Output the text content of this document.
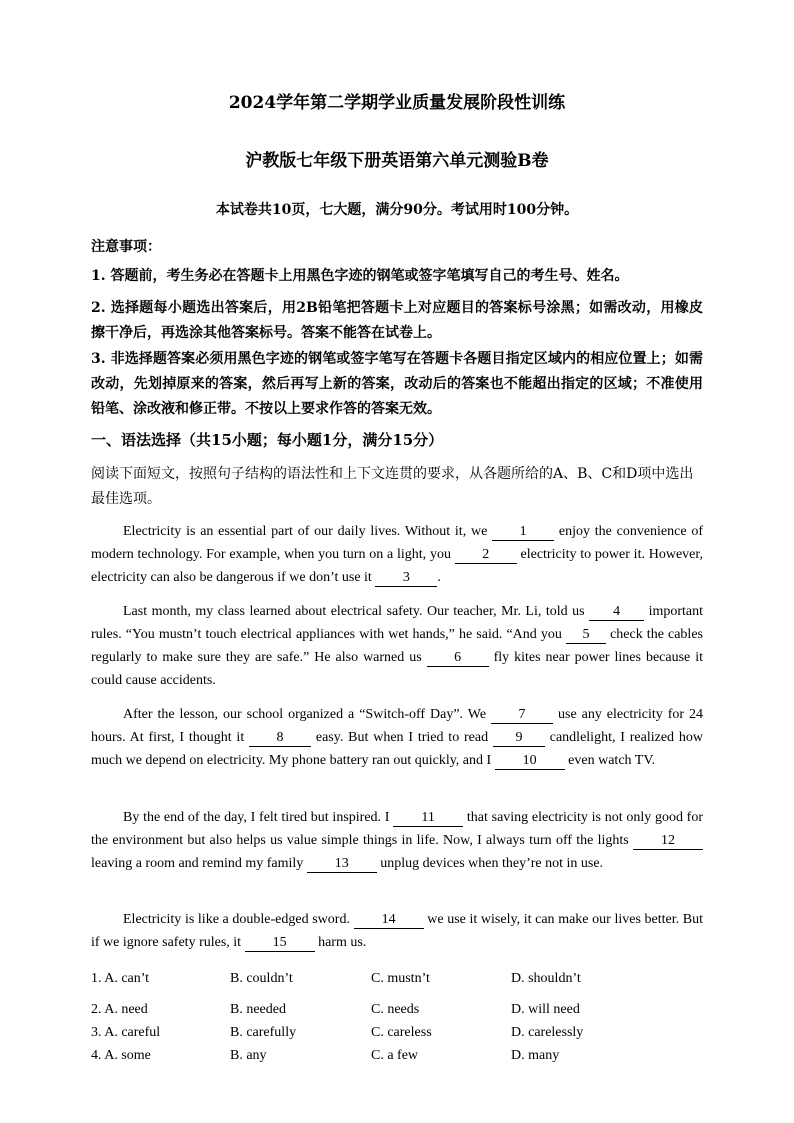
2024学年第二学期学业质量发展阶段性训练
沪教版七年级下册英语第六单元测验B卷
本试卷共10页，七大题，满分90分。考试用时100分钟。
注意事项：
1. 答题前，考生务必在答题卡上用黑色字迹的钢笔或签字笔填写自己的考生号、姓名。
2. 选择题每小题选出答案后，用2B铅笔把答题卡上对应题目的答案标号涂黑；如需改动，用橡皮擦干净后，再选涂其他答案标号。答案不能答在试卷上。
3. 非选择题答案必须用黑色字迹的钢笔或签字笔写在答题卡各题目指定区域内的相应位置上；如需改动，先划掉原来的答案，然后再写上新的答案，改动后的答案也不能超出指定的区域；不准使用铅笔、涂改液和修正带。不按以上要求作答的答案无效。
一、语法选择（共15小题；每小题1分，满分15分）
阅读下面短文，按照句子结构的语法性和上下文连贯的要求，从各题所给的A、B、C和D项中选出最佳选项。
Electricity is an essential part of our daily lives. Without it, we 1 enjoy the convenience of modern technology. For example, when you turn on a light, you 2 electricity to power it. However, electricity can also be dangerous if we don’t use it 3 .
Last month, my class learned about electrical safety. Our teacher, Mr. Li, told us 4 important rules. “You mustn’t touch electrical appliances with wet hands,” he said. “And you 5 check the cables regularly to make sure they are safe.” He also warned us 6 fly kites near power lines because it could cause accidents.
After the lesson, our school organized a “Switch-off Day”. We 7 use any electricity for 24 hours. At first, I thought it 8 easy. But when I tried to read 9 candlelight, I realized how much we depend on electricity. My phone battery ran out quickly, and I 10 even watch TV.
By the end of the day, I felt tired but inspired. I 11 that saving electricity is not only good for the environment but also helps us value simple things in life. Now, I always turn off the lights 12 leaving a room and remind my family 13 unplug devices when they’re not in use.
Electricity is like a double-edged sword. 14 we use it wisely, it can make our lives better. But if we ignore safety rules, it 15 harm us.
1. A. can’t	B. couldn’t	C. mustn’t	D. shouldn’t
2. A. need	B. needed	C. needs	D. will need
3. A. careful	B. carefully	C. careless	D. carelessly
4. A. some	B. any	C. a few	D. many
